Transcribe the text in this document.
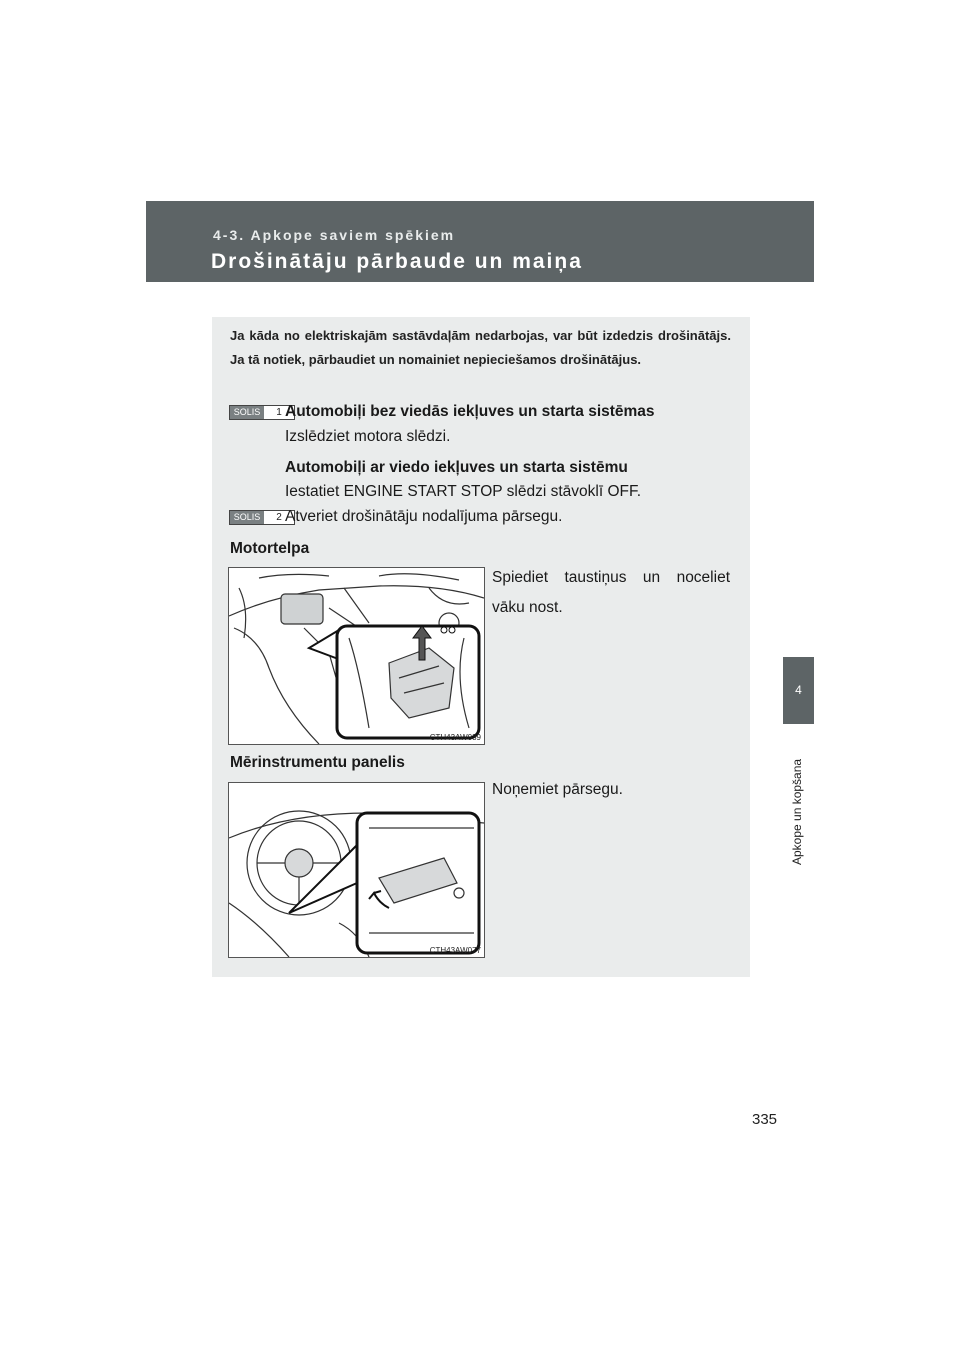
4-3. Apkope saviem spēkiem
Drošinātāju pārbaude un maiņa
4
Apkope un kopšana

Ja kāda no elektriskajām sastāvdaļām nedarbojas, var būt izdedzis drošinātājs. Ja tā notiek, pārbaudiet un nomainiet nepieciešamos drošinātājus.

SOLIS	1 Automobiļi bez viedās iekļuves un starta sistēmas
Izslēdziet motora slēdzi.
Automobiļi ar viedo iekļuves un starta sistēmu
Iestatiet ENGINE START STOP slēdzi stāvoklī OFF.
SOLIS	2 Atveriet drošinātāju nodalījuma pārsegu.
Motortelpa
Spiediet taustiņus un noceliet vāku nost.
CTH43AW039
Mērinstrumentu panelis
Noņemiet pārsegu.
CTH43AW077
335
